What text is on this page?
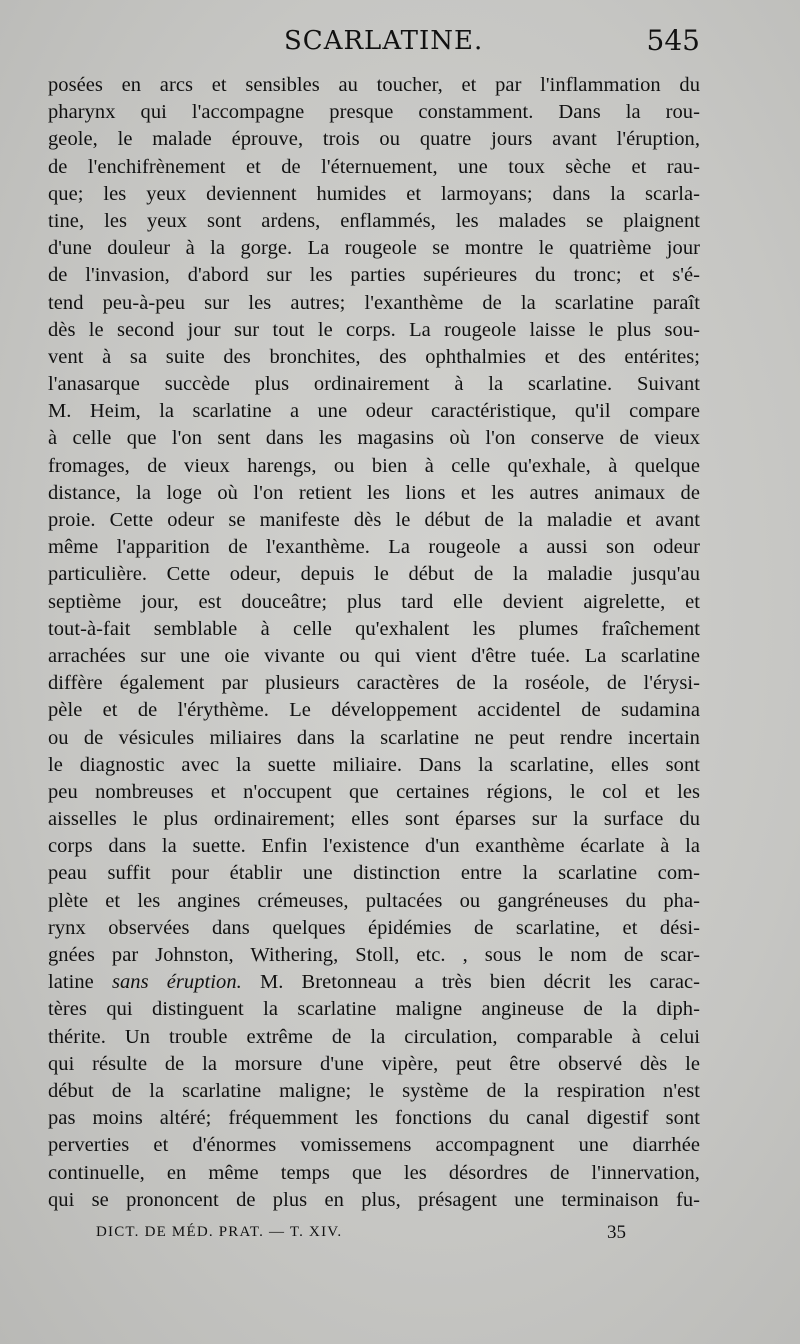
SCARLATINE.	545
posées en arcs et sensibles au toucher, et par l'inflammation du
pharynx qui l'accompagne presque constamment. Dans la rou-
geole, le malade éprouve, trois ou quatre jours avant l'éruption,
de l'enchifrènement et de l'éternuement, une toux sèche et rau-
que; les yeux deviennent humides et larmoyans; dans la scarla-
tine, les yeux sont ardens, enflammés, les malades se plaignent
d'une douleur à la gorge. La rougeole se montre le quatrième jour
de l'invasion, d'abord sur les parties supérieures du tronc; et s'é-
tend peu-à-peu sur les autres; l'exanthème de la scarlatine paraît
dès le second jour sur tout le corps. La rougeole laisse le plus sou-
vent à sa suite des bronchites, des ophthalmies et des entérites;
l'anasarque succède plus ordinairement à la scarlatine. Suivant
M. Heim, la scarlatine a une odeur caractéristique, qu'il compare
à celle que l'on sent dans les magasins où l'on conserve de vieux
fromages, de vieux harengs, ou bien à celle qu'exhale, à quelque
distance, la loge où l'on retient les lions et les autres animaux de
proie. Cette odeur se manifeste dès le début de la maladie et avant
même l'apparition de l'exanthème. La rougeole a aussi son odeur
particulière. Cette odeur, depuis le début de la maladie jusqu'au
septième jour, est douceâtre; plus tard elle devient aigrelette, et
tout-à-fait semblable à celle qu'exhalent les plumes fraîchement
arrachées sur une oie vivante ou qui vient d'être tuée. La scarlatine
diffère également par plusieurs caractères de la roséole, de l'érysi-
pèle et de l'érythème. Le développement accidentel de sudamina
ou de vésicules miliaires dans la scarlatine ne peut rendre incertain
le diagnostic avec la suette miliaire. Dans la scarlatine, elles sont
peu nombreuses et n'occupent que certaines régions, le col et les
aisselles le plus ordinairement; elles sont éparses sur la surface du
corps dans la suette. Enfin l'existence d'un exanthème écarlate à la
peau suffit pour établir une distinction entre la scarlatine com-
plète et les angines crémeuses, pultacées ou gangréneuses du pha-
rynx observées dans quelques épidémies de scarlatine, et dési-
gnées par Johnston, Withering, Stoll, etc. , sous le nom de scar-
latine sans éruption. M. Bretonneau a très bien décrit les carac-
tères qui distinguent la scarlatine maligne angineuse de la diph-
thérite. Un trouble extrême de la circulation, comparable à celui
qui résulte de la morsure d'une vipère, peut être observé dès le
début de la scarlatine maligne; le système de la respiration n'est
pas moins altéré; fréquemment les fonctions du canal digestif sont
perverties et d'énormes vomissemens accompagnent une diarrhée
continuelle, en même temps que les désordres de l'innervation,
qui se prononcent de plus en plus, présagent une terminaison fu-
DICT. DE MÉD. PRAT. — T. XIV.	35
